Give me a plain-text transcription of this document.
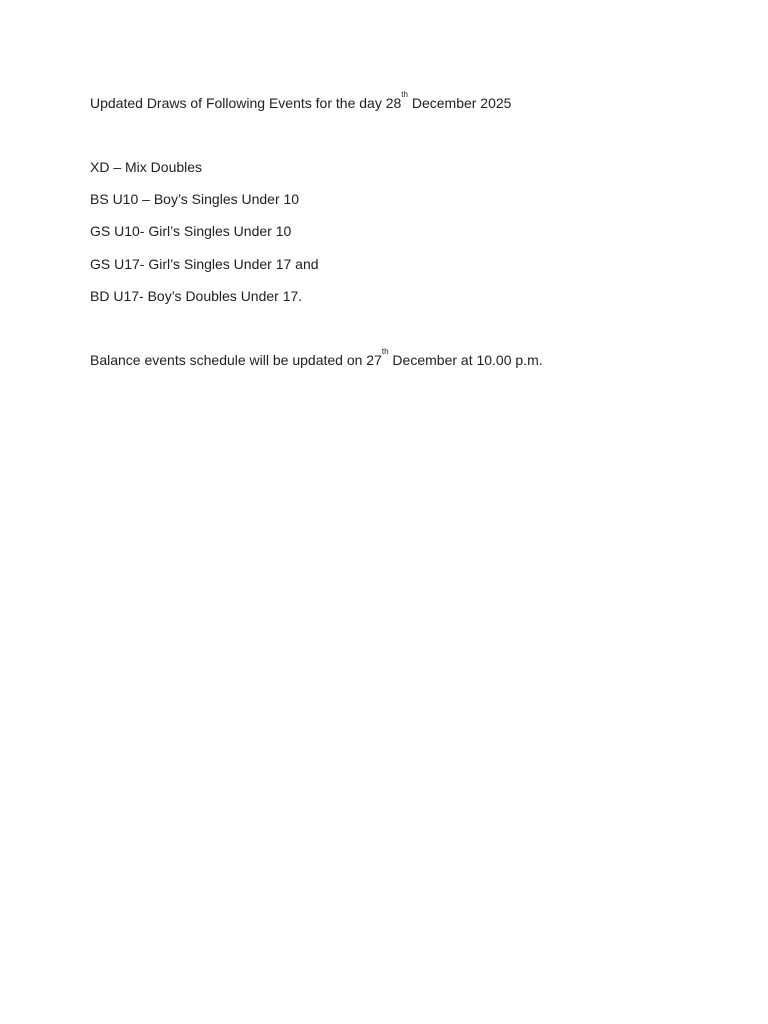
Updated Draws of Following Events for the day 28th December 2025
XD – Mix Doubles
BS U10 – Boy’s Singles Under 10
GS U10- Girl’s Singles Under 10
GS U17- Girl’s Singles Under 17 and
BD U17- Boy’s Doubles Under 17.
Balance events schedule will be updated on 27th December at 10.00 p.m.
